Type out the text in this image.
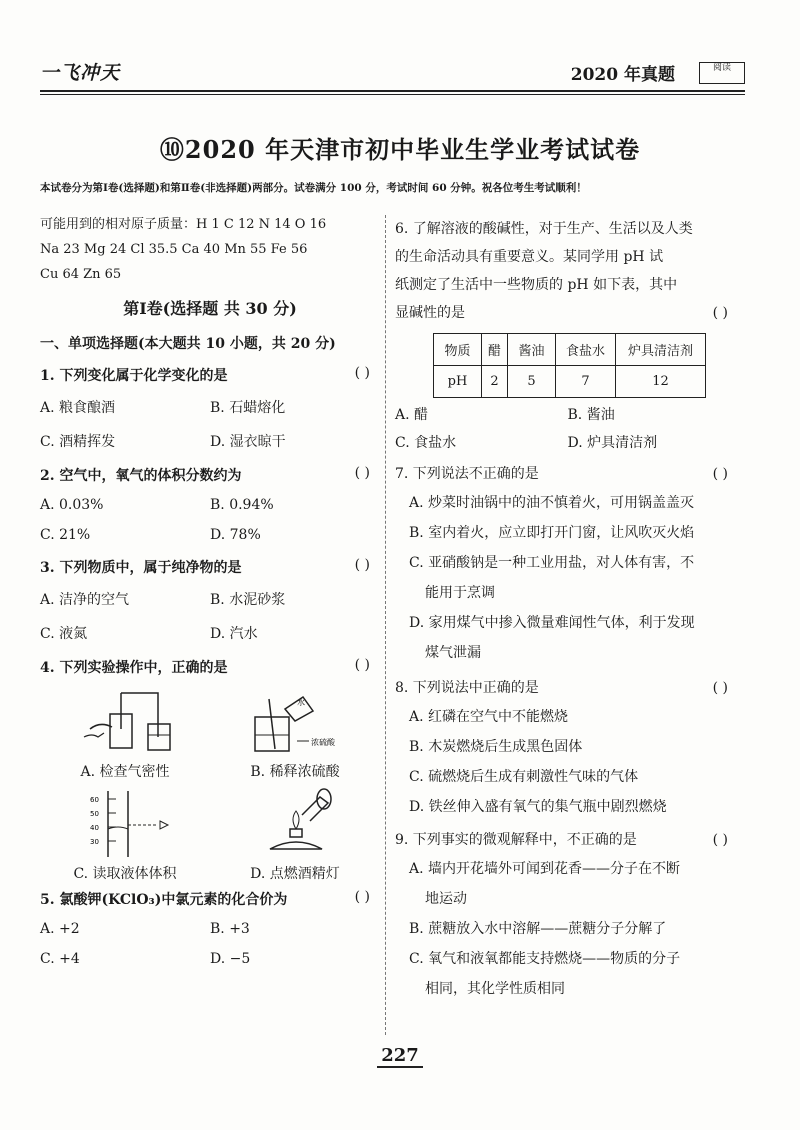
一飞冲天	2020 年真题	阅读
⑩2020 年天津市初中毕业生学业考试试卷
本试卷分为第Ⅰ卷(选择题)和第Ⅱ卷(非选择题)两部分。试卷满分 100 分，考试时间 60 分钟。祝各位考生考试顺利！
可能用到的相对原子质量：H 1 C 12 N 14 O 16
Na 23 Mg 24 Cl 35.5 Ca 40 Mn 55 Fe 56
Cu 64 Zn 65
第Ⅰ卷(选择题 共 30 分)
一、单项选择题(本大题共 10 小题，共 20 分)
1. 下列变化属于化学变化的是	( )
A. 粮食酿酒	B. 石蜡熔化
C. 酒精挥发	D. 湿衣晾干
2. 空气中，氧气的体积分数约为	( )
A. 0.03%	B. 0.94%
C. 21%	D. 78%
3. 下列物质中，属于纯净物的是	( )
A. 洁净的空气	B. 水泥砂浆
C. 液氮	D. 汽水
4. 下列实验操作中，正确的是	( )
A. 检查气密性
浓硫酸
水
B. 稀释浓硫酸
60
50
40
30
C. 读取液体体积	D. 点燃酒精灯
5. 氯酸钾(KClO₃)中氯元素的化合价为	( )
A. +2	B. +3
C. +4	D. −5
6. 了解溶液的酸碱性，对于生产、生活以及人类
的生命活动具有重要意义。某同学用 pH 试
纸测定了生活中一些物质的 pH 如下表，其中
显碱性的是	( )
物质	醋	酱油	食盐水	炉具清洁剂
pH	2	5	7	12
A. 醋	B. 酱油
C. 食盐水	D. 炉具清洁剂
7. 下列说法不正确的是	( )
A. 炒菜时油锅中的油不慎着火，可用锅盖盖灭
B. 室内着火，应立即打开门窗，让风吹灭火焰
C. 亚硝酸钠是一种工业用盐，对人体有害，不
能用于烹调
D. 家用煤气中掺入微量难闻性气体，利于发现
煤气泄漏
8. 下列说法中正确的是	( )
A. 红磷在空气中不能燃烧
B. 木炭燃烧后生成黑色固体
C. 硫燃烧后生成有刺激性气味的气体
D. 铁丝伸入盛有氧气的集气瓶中剧烈燃烧
9. 下列事实的微观解释中，不正确的是	( )
A. 墙内开花墙外可闻到花香——分子在不断
地运动
B. 蔗糖放入水中溶解——蔗糖分子分解了
C. 氧气和液氧都能支持燃烧——物质的分子
相同，其化学性质相同
227
